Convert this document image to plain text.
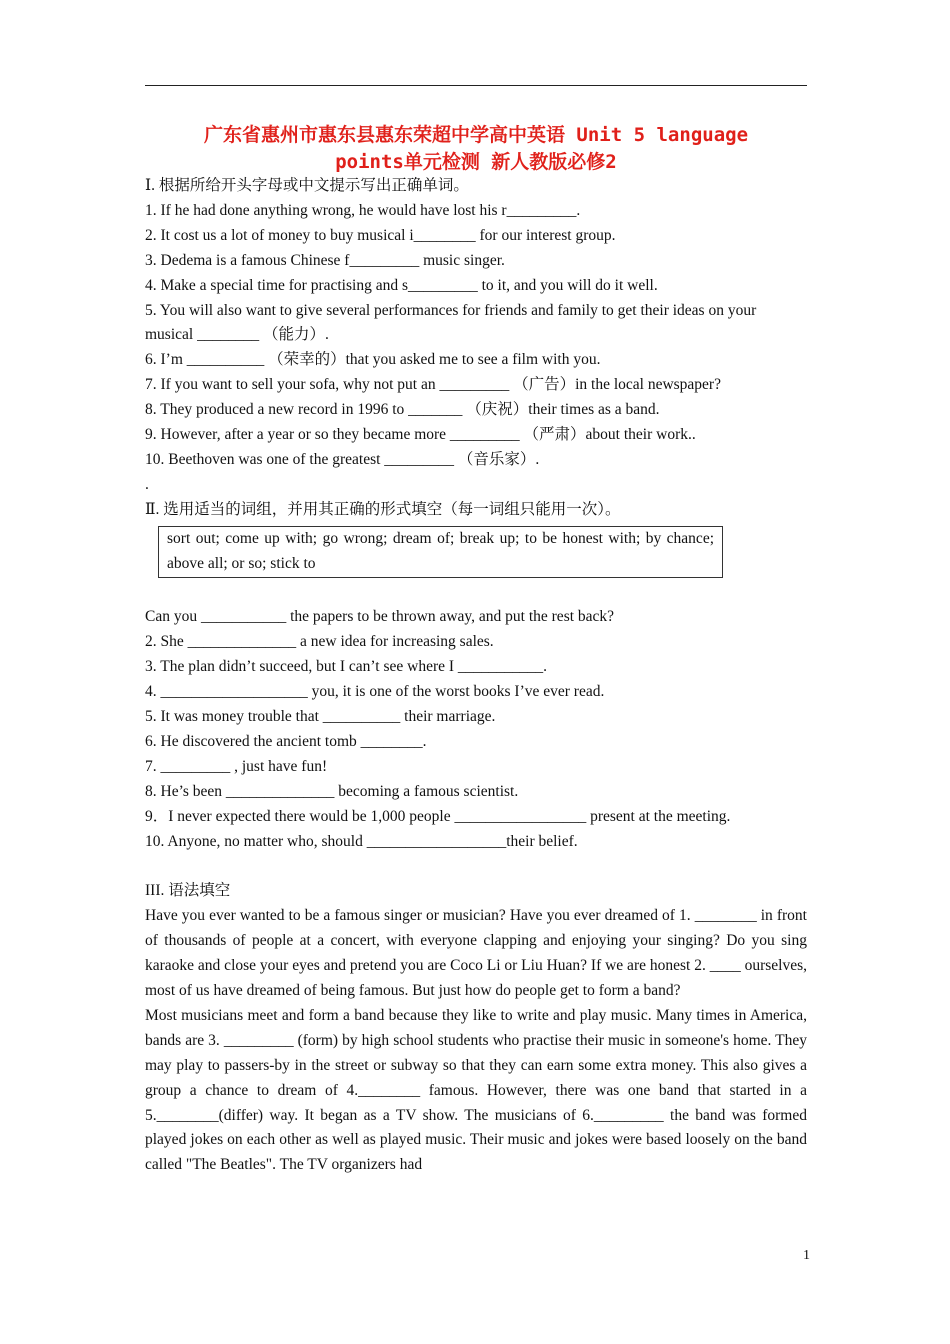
广东省惠州市惠东县惠东荣超中学高中英语 Unit 5 language
points单元检测 新人教版必修2
Ⅰ. 根据所给开头字母或中文提示写出正确单词。
1. If he had done anything wrong, he would have lost his r_________.
2. It cost us a lot of money to buy musical i________ for our interest group.
3. Dedema is a famous Chinese f_________ music singer.
4. Make a special time for practising and s_________ to it, and you will do it well.
5. You will also want to give several performances for friends and family to get their ideas on your
musical ________ （能力）.
6. I’m __________ （荣幸的）that you asked me to see a film with you.
7. If you want to sell your sofa, why not put an _________ （广告）in the local newspaper?
8. They produced a new record in 1996 to _______ （庆祝）their times as a band.
9. However, after a year or so they became more _________ （严肃）about their work..
10. Beethoven was one of the greatest _________ （音乐家）.
.
Ⅱ. 选用适当的词组，并用其正确的形式填空（每一词组只能用一次）。
sort out; come up with; go wrong; dream of; break up; to be honest with; by chance; above all; or so; stick to
Can you ___________ the papers to be thrown away, and put the rest back?
2. She ______________ a new idea for increasing sales.
3. The plan didn’t succeed, but I can’t see where I ___________.
4. ___________________ you, it is one of the worst books I’ve ever read.
5. It was money trouble that __________ their marriage.
6. He discovered the ancient tomb ________.
7. _________ , just have fun!
8. He’s been ______________ becoming a famous scientist.
9．I never expected there would be 1,000 people _________________ present at the meeting.
10. Anyone, no matter who, should __________________their belief.
III. 语法填空
Have you ever wanted to be a famous singer or musician? Have you ever dreamed of 1. ________ in front of thousands of people at a concert, with everyone clapping and enjoying your singing? Do you sing karaoke and close your eyes and pretend you are Coco Li or Liu Huan? If we are honest 2. ____ ourselves, most of us have dreamed of being famous. But just how do people get to form a band?
Most musicians meet and form a band because they like to write and play music. Many times in America, bands are 3. _________ (form) by high school students who practise their music in someone's home. They may play to passers-by in the street or subway so that they can earn some extra money. This also gives a group a chance to dream of 4.________ famous. However, there was one band that started in a 5.________(differ) way. It began as a TV show. The musicians of 6._________ the band was formed played jokes on each other as well as played music. Their music and jokes were based loosely on the band called "The Beatles". The TV organizers had
1
